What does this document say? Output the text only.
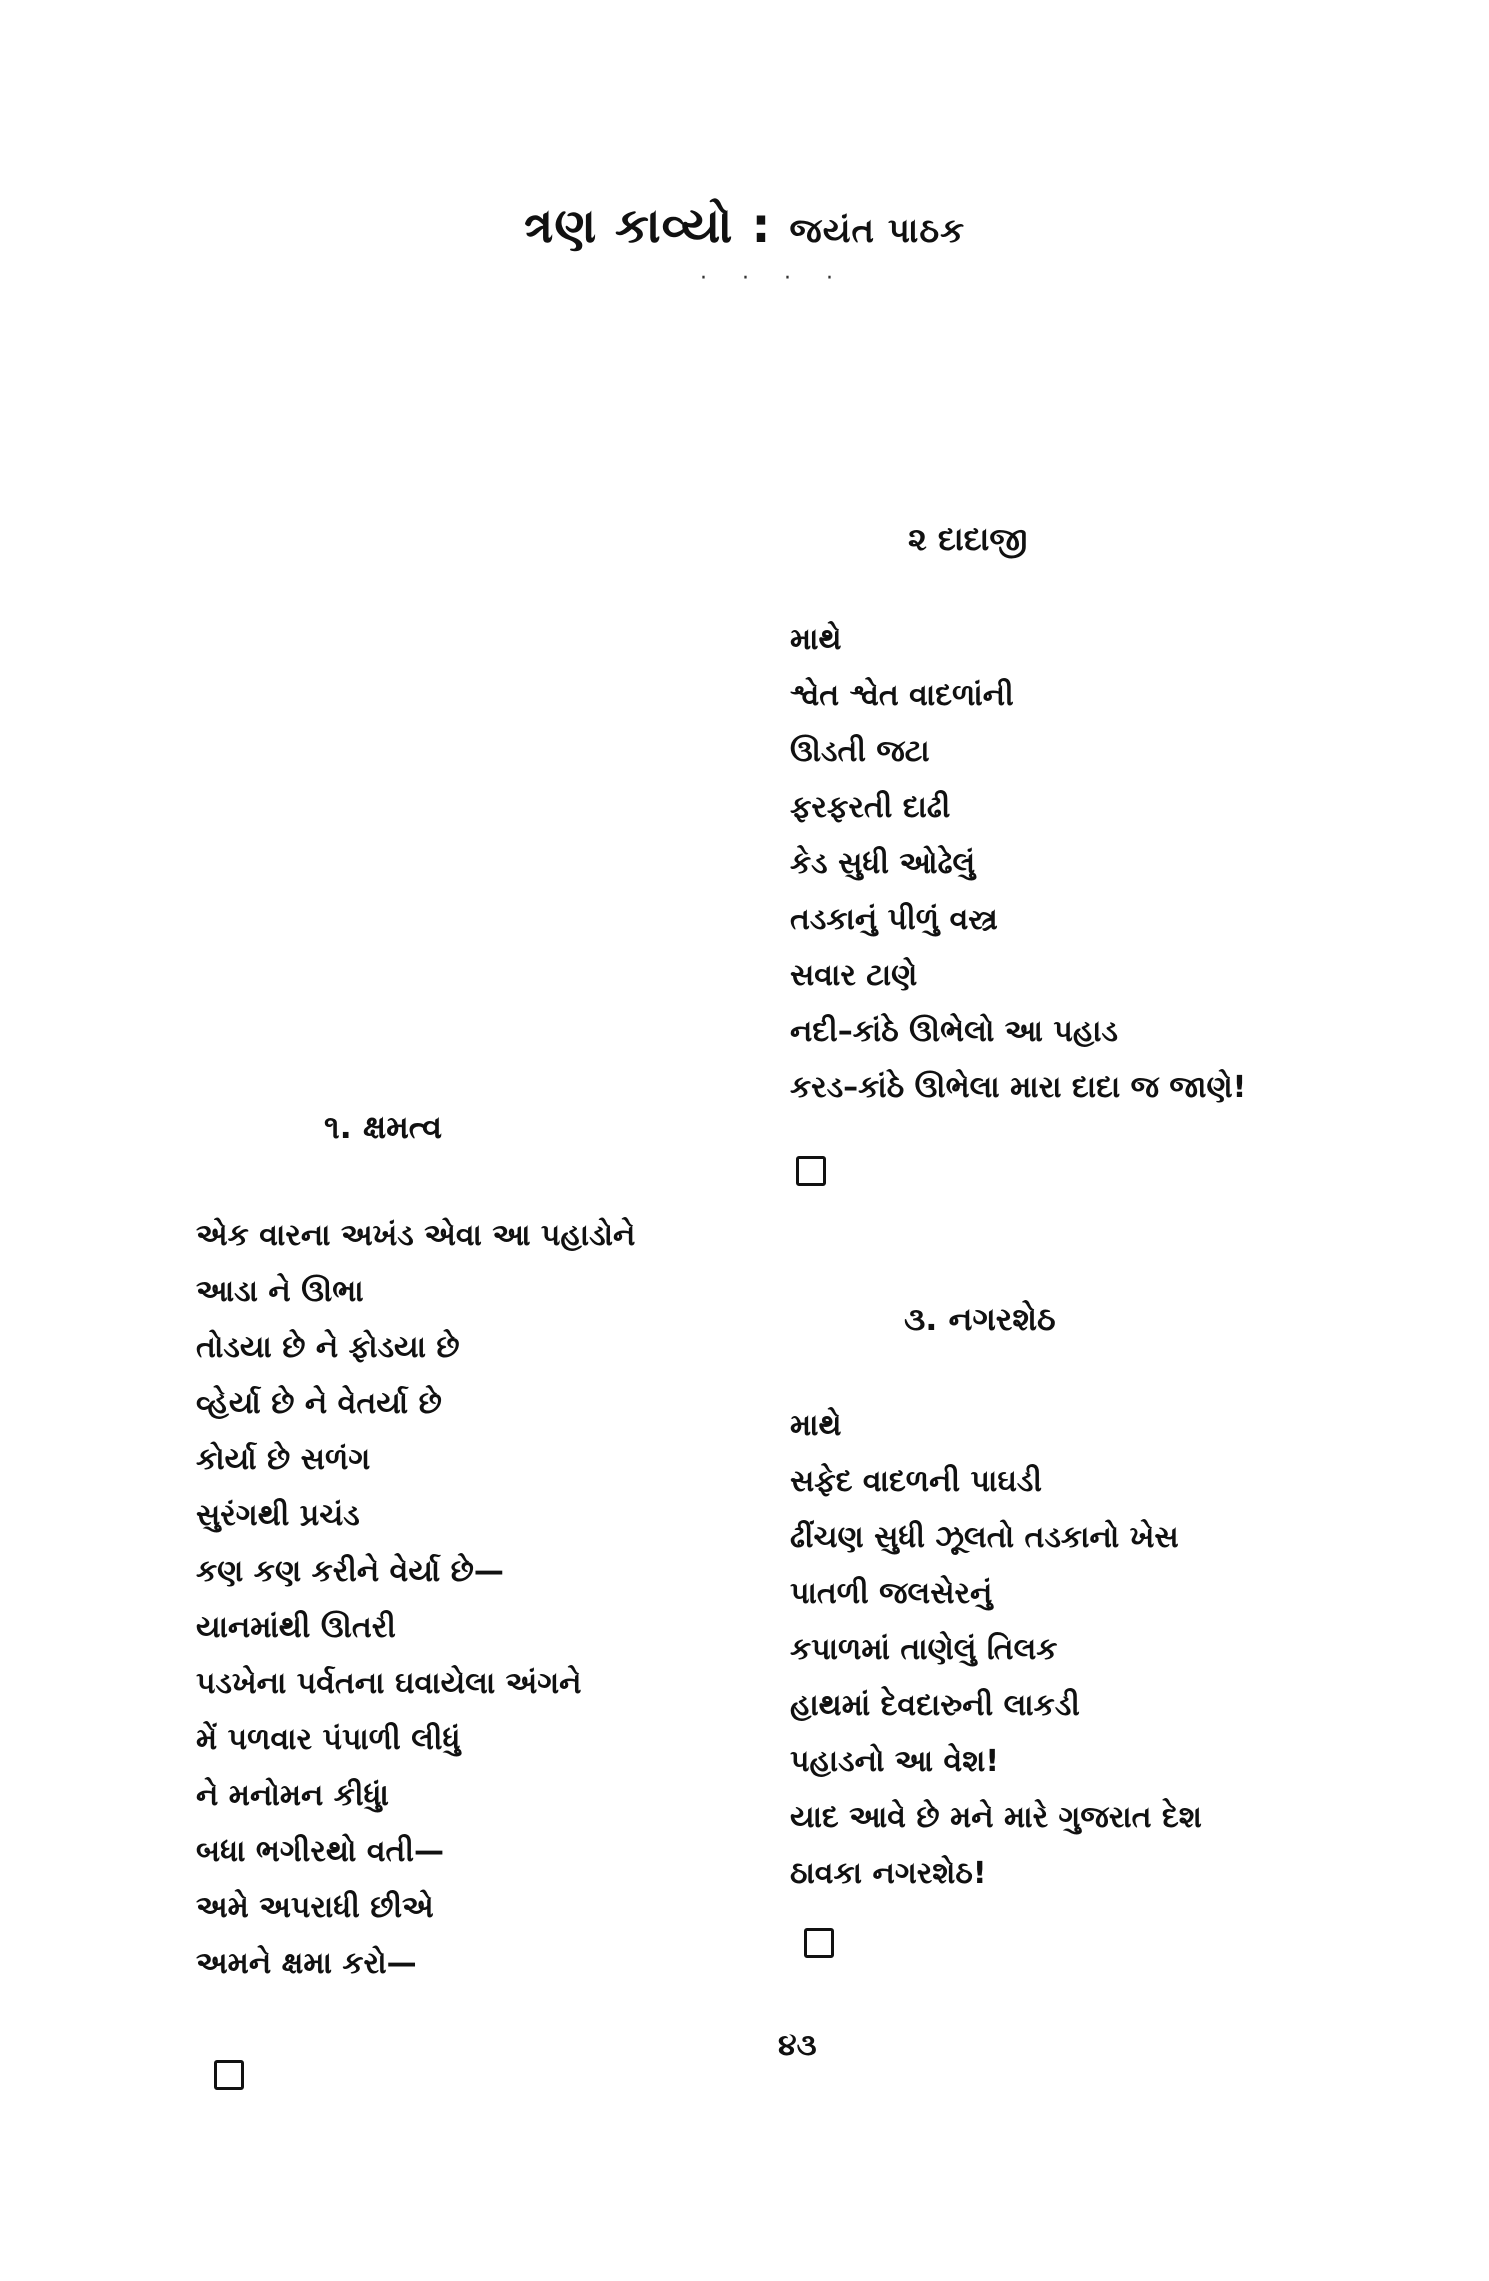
ત્રણ કાવ્યો : જયંત પાઠક
· · · ·
૨ દાદાજી
માથે
શ્વેત શ્વેત વાદળાંની
ઊડતી જટા
ફરફરતી દાઢી
કેડ સુધી ઓઢેલું
તડકાનું પીળું વસ્ત્ર
સવાર ટાણે
નદી–કાંઠે ઊભેલો આ પહાડ
કરડ–કાંઠે ઊભેલા મારા દાદા જ જાણે!
૧. ક્ષમત્વ
એક વારના અખંડ એવા આ પહાડોને
આડા ને ઊભા
તોડયા છે ને ફોડયા છે
વ્હેર્યા છે ને વેતર્યા છે
કોર્યા છે સળંગ
સુરંગથી પ્રચંડ
કણ કણ કરીને વેર્યા છે—
યાનમાંથી ઊતરી
પડખેના પર્વતના ઘવાયેલા અંગને
મેં પળવાર પંપાળી લીધું
ને મનોમન કીધું।
બધા ભગીરથો વતી—
અમે અપરાધી છીએ
અમને ક્ષમા કરો—
૩. નગરશેઠ
માથે
સફેદ વાદળની પાઘડી
ઢીંચણ સુધી ઝૂલતો તડકાનો ખેસ
પાતળી જલસેરનું
કપાળમાં તાણેલું તિલક
હાથમાં દેવદારુની લાકડી
પહાડનો આ વેશ!
યાદ આવે છે મને મારે ગુજરાત દેશ
ઠાવકા નગરશેઠ!
૪૩
